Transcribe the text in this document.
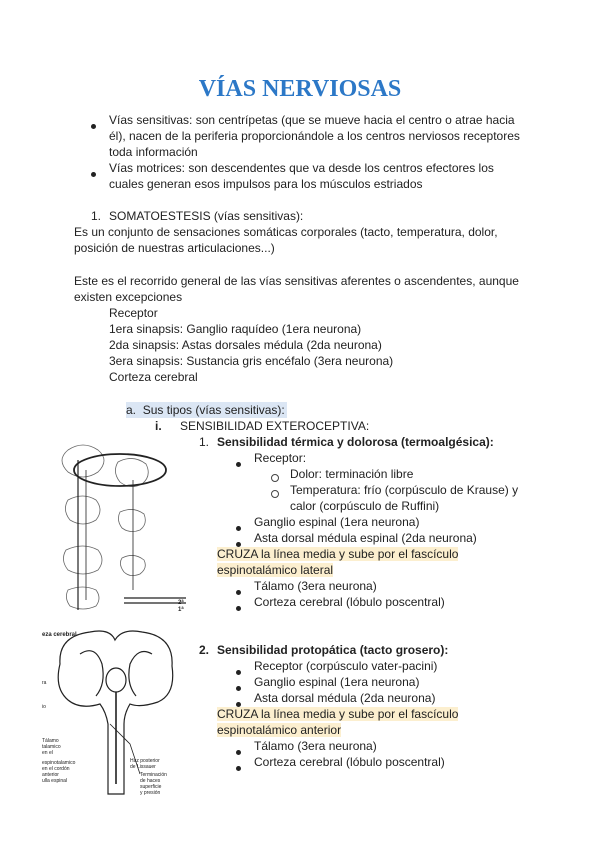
VÍAS NERVIOSAS
Vías sensitivas: son centrípetas (que se mueve hacia el centro o atrae hacia
él), nacen de la periferia proporcionándole a los centros nerviosos receptores
toda información
Vías motrices: son descendentes que va desde los centros efectores los
cuales generan esos impulsos para los músculos estriados
1. SOMATOESTESIS (vías sensitivas):
Es un conjunto de sensaciones somáticas corporales (tacto, temperatura, dolor,
posición de nuestras articulaciones...)
Este es el recorrido general de las vías sensitivas aferentes o ascendentes, aunque
existen excepciones
Receptor
1era sinapsis: Ganglio raquídeo (1era neurona)
2da sinapsis: Astas dorsales médula (2da neurona)
3era sinapsis: Sustancia gris encéfalo (3era neurona)
Corteza cerebral
a. Sus tipos (vías sensitivas):
i. SENSIBILIDAD EXTEROCEPTIVA:
1. Sensibilidad térmica y dolorosa (termoalgésica):
Receptor:
Dolor: terminación libre
Temperatura: frío (corpúsculo de Krause) y
calor (corpúsculo de Ruffini)
Ganglio espinal (1era neurona)
Asta dorsal médula espinal (2da neurona)
CRUZA la línea media y sube por el fascículo
espinotalámico lateral
Tálamo (3era neurona)
Corteza cerebral (lóbulo poscentral)
2. Sensibilidad protopática (tacto grosero):
Receptor (corpúsculo vater-pacini)
Ganglio espinal (1era neurona)
Asta dorsal médula (2da neurona)
CRUZA la línea media y sube por el fascículo
espinotalámico anterior
Tálamo (3era neurona)
Corteza cerebral (lóbulo poscentral)
2ª
1ª
eza cerebral
ra
io
Tálamo
talamico
en el
Haz posterior
de Lissauer
espinotalamico
en el cordón
anterior
ulla espinal
Terminación
de haces
superficie
y presión
